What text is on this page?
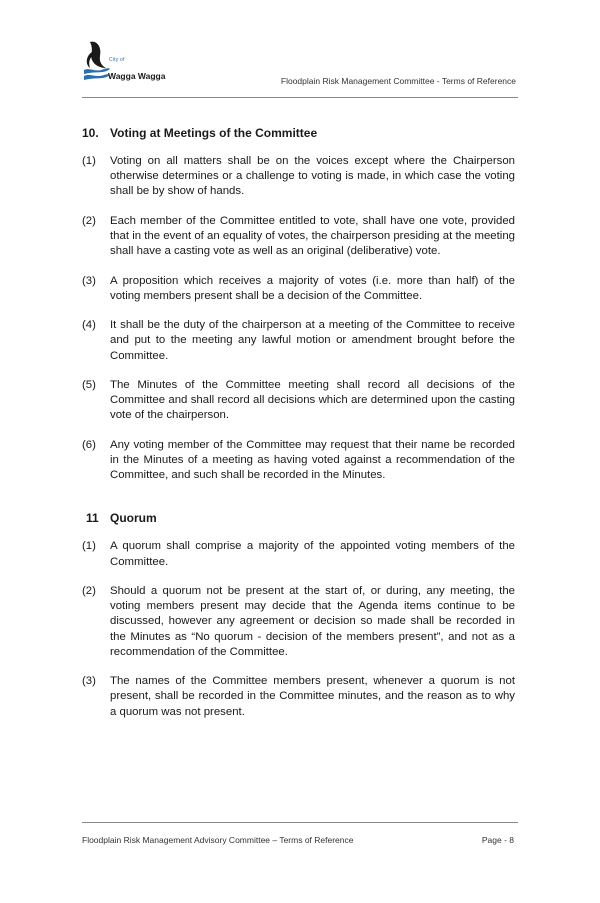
City of
Wagga Wagga	Floodplain Risk Management Committee - Terms of Reference
10. Voting at Meetings of the Committee
(1)	Voting on all matters shall be on the voices except where the Chairperson otherwise determines or a challenge to voting is made, in which case the voting shall be by show of hands.
(2)	Each member of the Committee entitled to vote, shall have one vote, provided that in the event of an equality of votes, the chairperson presiding at the meeting shall have a casting vote as well as an original (deliberative) vote.
(3)	A proposition which receives a majority of votes (i.e. more than half) of the voting members present shall be a decision of the Committee.
(4)	It shall be the duty of the chairperson at a meeting of the Committee to receive and put to the meeting any lawful motion or amendment brought before the Committee.
(5)	The Minutes of the Committee meeting shall record all decisions of the Committee and shall record all decisions which are determined upon the casting vote of the chairperson.
(6)	Any voting member of the Committee may request that their name be recorded in the Minutes of a meeting as having voted against a recommendation of the Committee, and such shall be recorded in the Minutes.
11 Quorum
(1)	A quorum shall comprise a majority of the appointed voting members of the Committee.
(2)	Should a quorum not be present at the start of, or during, any meeting, the voting members present may decide that the Agenda items continue to be discussed, however any agreement or decision so made shall be recorded in the Minutes as “No quorum - decision of the members present”, and not as a recommendation of the Committee.
(3)	The names of the Committee members present, whenever a quorum is not present, shall be recorded in the Committee minutes, and the reason as to why a quorum was not present.
Floodplain Risk Management Advisory Committee – Terms of Reference	Page - 8
